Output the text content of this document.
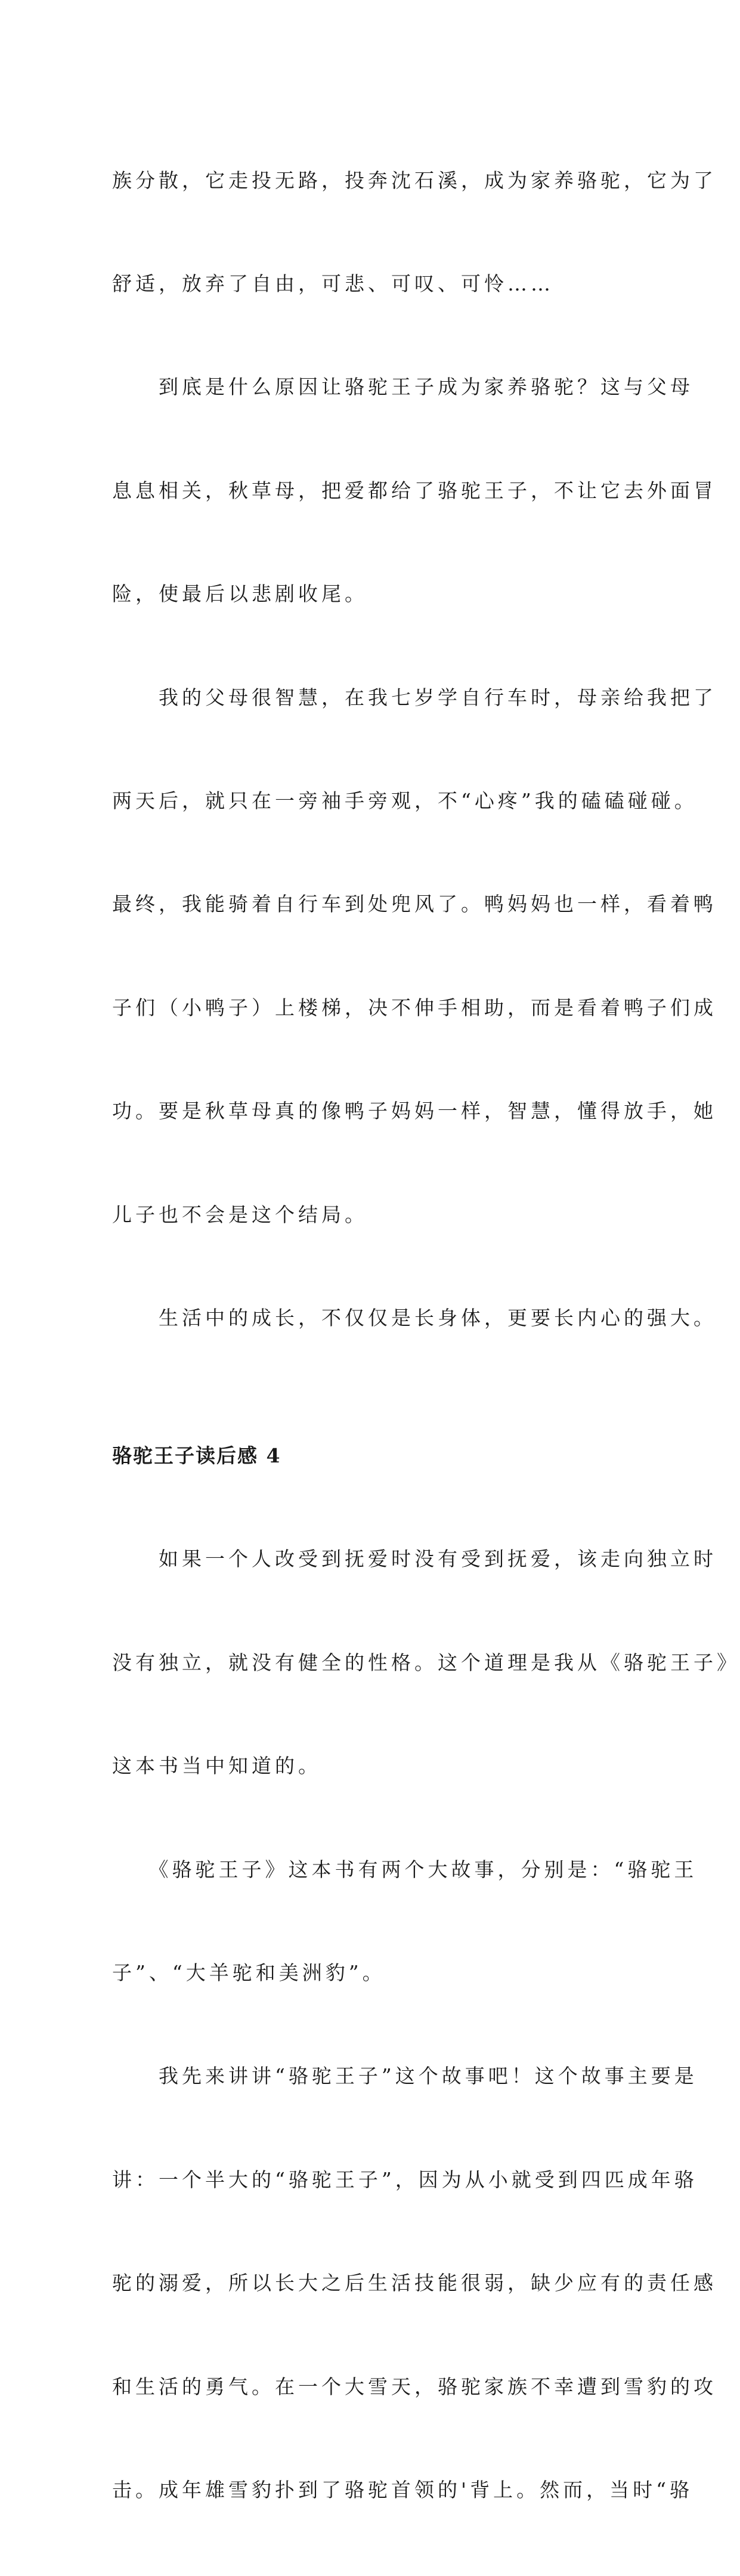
族分散，它走投无路，投奔沈石溪，成为家养骆驼，它为了

舒适，放弃了自由，可悲、可叹、可怜……

　　到底是什么原因让骆驼王子成为家养骆驼？这与父母

息息相关，秋草母，把爱都给了骆驼王子，不让它去外面冒

险，使最后以悲剧收尾。

　　我的父母很智慧，在我七岁学自行车时，母亲给我把了

两天后，就只在一旁袖手旁观，不“心疼”我的磕磕碰碰。

最终，我能骑着自行车到处兜风了。鸭妈妈也一样，看着鸭

子们（小鸭子）上楼梯，决不伸手相助，而是看着鸭子们成

功。要是秋草母真的像鸭子妈妈一样，智慧，懂得放手，她

儿子也不会是这个结局。

　　生活中的成长，不仅仅是长身体，更要长内心的强大。

骆驼王子读后感 4

　　如果一个人改受到抚爱时没有受到抚爱，该走向独立时

没有独立，就没有健全的性格。这个道理是我从《骆驼王子》

这本书当中知道的。

　　《骆驼王子》这本书有两个大故事，分别是：“骆驼王

子”、“大羊驼和美洲豹”。

　　我先来讲讲“骆驼王子”这个故事吧！这个故事主要是

讲：一个半大的“骆驼王子”，因为从小就受到四匹成年骆

驼的溺爱，所以长大之后生活技能很弱，缺少应有的责任感

和生活的勇气。在一个大雪天，骆驼家族不幸遭到雪豹的攻

击。成年雄雪豹扑到了骆驼首领的'背上。然而，当时“骆
